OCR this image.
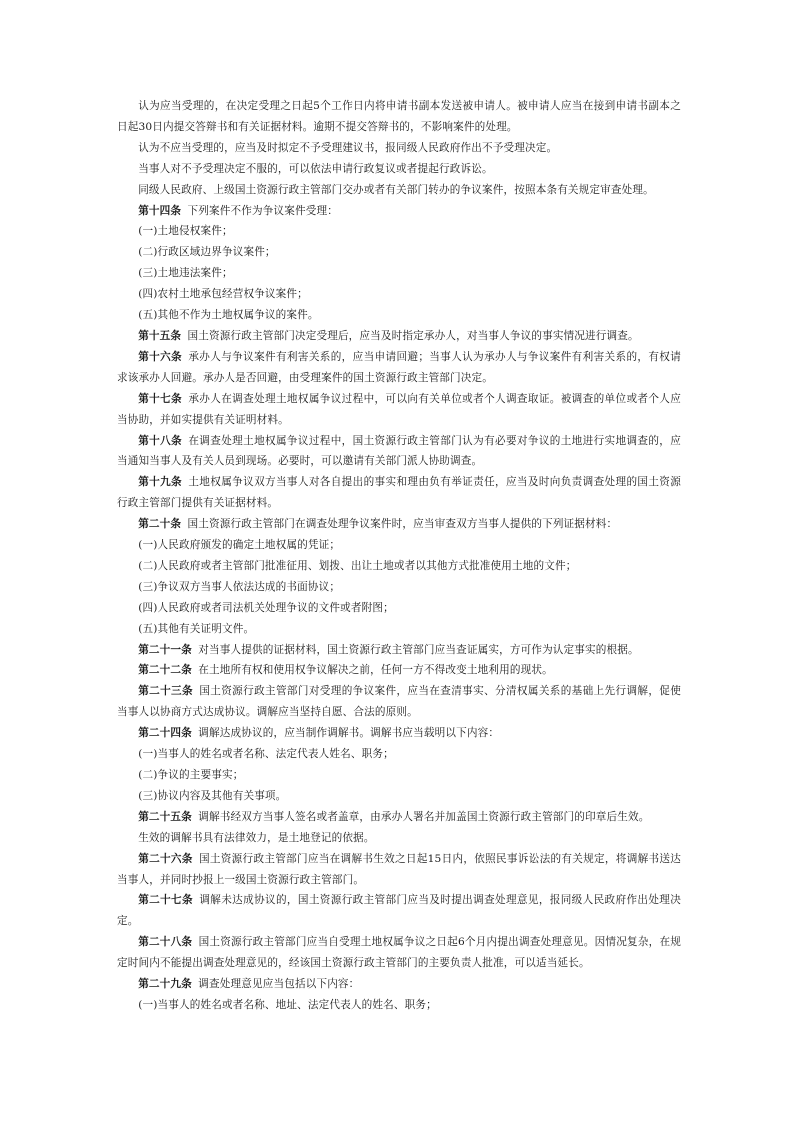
认为应当受理的，在决定受理之日起5个工作日内将申请书副本发送被申请人。被申请人应当在接到申请书副本之日起30日内提交答辩书和有关证据材料。逾期不提交答辩书的，不影响案件的处理。

认为不应当受理的，应当及时拟定不予受理建议书，报同级人民政府作出不予受理决定。

当事人对不予受理决定不服的，可以依法申请行政复议或者提起行政诉讼。

同级人民政府、上级国土资源行政主管部门交办或者有关部门转办的争议案件，按照本条有关规定审查处理。

第十四条 下列案件不作为争议案件受理：

(一)土地侵权案件；

(二)行政区域边界争议案件；

(三)土地违法案件；

(四)农村土地承包经营权争议案件；

(五)其他不作为土地权属争议的案件。

第十五条 国土资源行政主管部门决定受理后，应当及时指定承办人，对当事人争议的事实情况进行调查。

第十六条 承办人与争议案件有利害关系的，应当申请回避；当事人认为承办人与争议案件有利害关系的，有权请求该承办人回避。承办人是否回避，由受理案件的国土资源行政主管部门决定。

第十七条 承办人在调查处理土地权属争议过程中，可以向有关单位或者个人调查取证。被调查的单位或者个人应当协助，并如实提供有关证明材料。

第十八条 在调查处理土地权属争议过程中，国土资源行政主管部门认为有必要对争议的土地进行实地调查的，应当通知当事人及有关人员到现场。必要时，可以邀请有关部门派人协助调查。

第十九条 土地权属争议双方当事人对各自提出的事实和理由负有举证责任，应当及时向负责调查处理的国土资源行政主管部门提供有关证据材料。

第二十条 国土资源行政主管部门在调查处理争议案件时，应当审查双方当事人提供的下列证据材料：

(一)人民政府颁发的确定土地权属的凭证；

(二)人民政府或者主管部门批准征用、划拨、出让土地或者以其他方式批准使用土地的文件；

(三)争议双方当事人依法达成的书面协议；

(四)人民政府或者司法机关处理争议的文件或者附图；

(五)其他有关证明文件。

第二十一条 对当事人提供的证据材料，国土资源行政主管部门应当查证属实，方可作为认定事实的根据。

第二十二条 在土地所有权和使用权争议解决之前，任何一方不得改变土地利用的现状。

第二十三条 国土资源行政主管部门对受理的争议案件，应当在查清事实、分清权属关系的基础上先行调解，促使当事人以协商方式达成协议。调解应当坚持自愿、合法的原则。

第二十四条 调解达成协议的，应当制作调解书。调解书应当载明以下内容：

(一)当事人的姓名或者名称、法定代表人姓名、职务；

(二)争议的主要事实；

(三)协议内容及其他有关事项。

第二十五条 调解书经双方当事人签名或者盖章，由承办人署名并加盖国土资源行政主管部门的印章后生效。

生效的调解书具有法律效力，是土地登记的依据。

第二十六条 国土资源行政主管部门应当在调解书生效之日起15日内，依照民事诉讼法的有关规定，将调解书送达当事人，并同时抄报上一级国土资源行政主管部门。

第二十七条 调解未达成协议的，国土资源行政主管部门应当及时提出调查处理意见，报同级人民政府作出处理决定。

第二十八条 国土资源行政主管部门应当自受理土地权属争议之日起6个月内提出调查处理意见。因情况复杂，在规定时间内不能提出调查处理意见的，经该国土资源行政主管部门的主要负责人批准，可以适当延长。

第二十九条 调查处理意见应当包括以下内容：

(一)当事人的姓名或者名称、地址、法定代表人的姓名、职务；
